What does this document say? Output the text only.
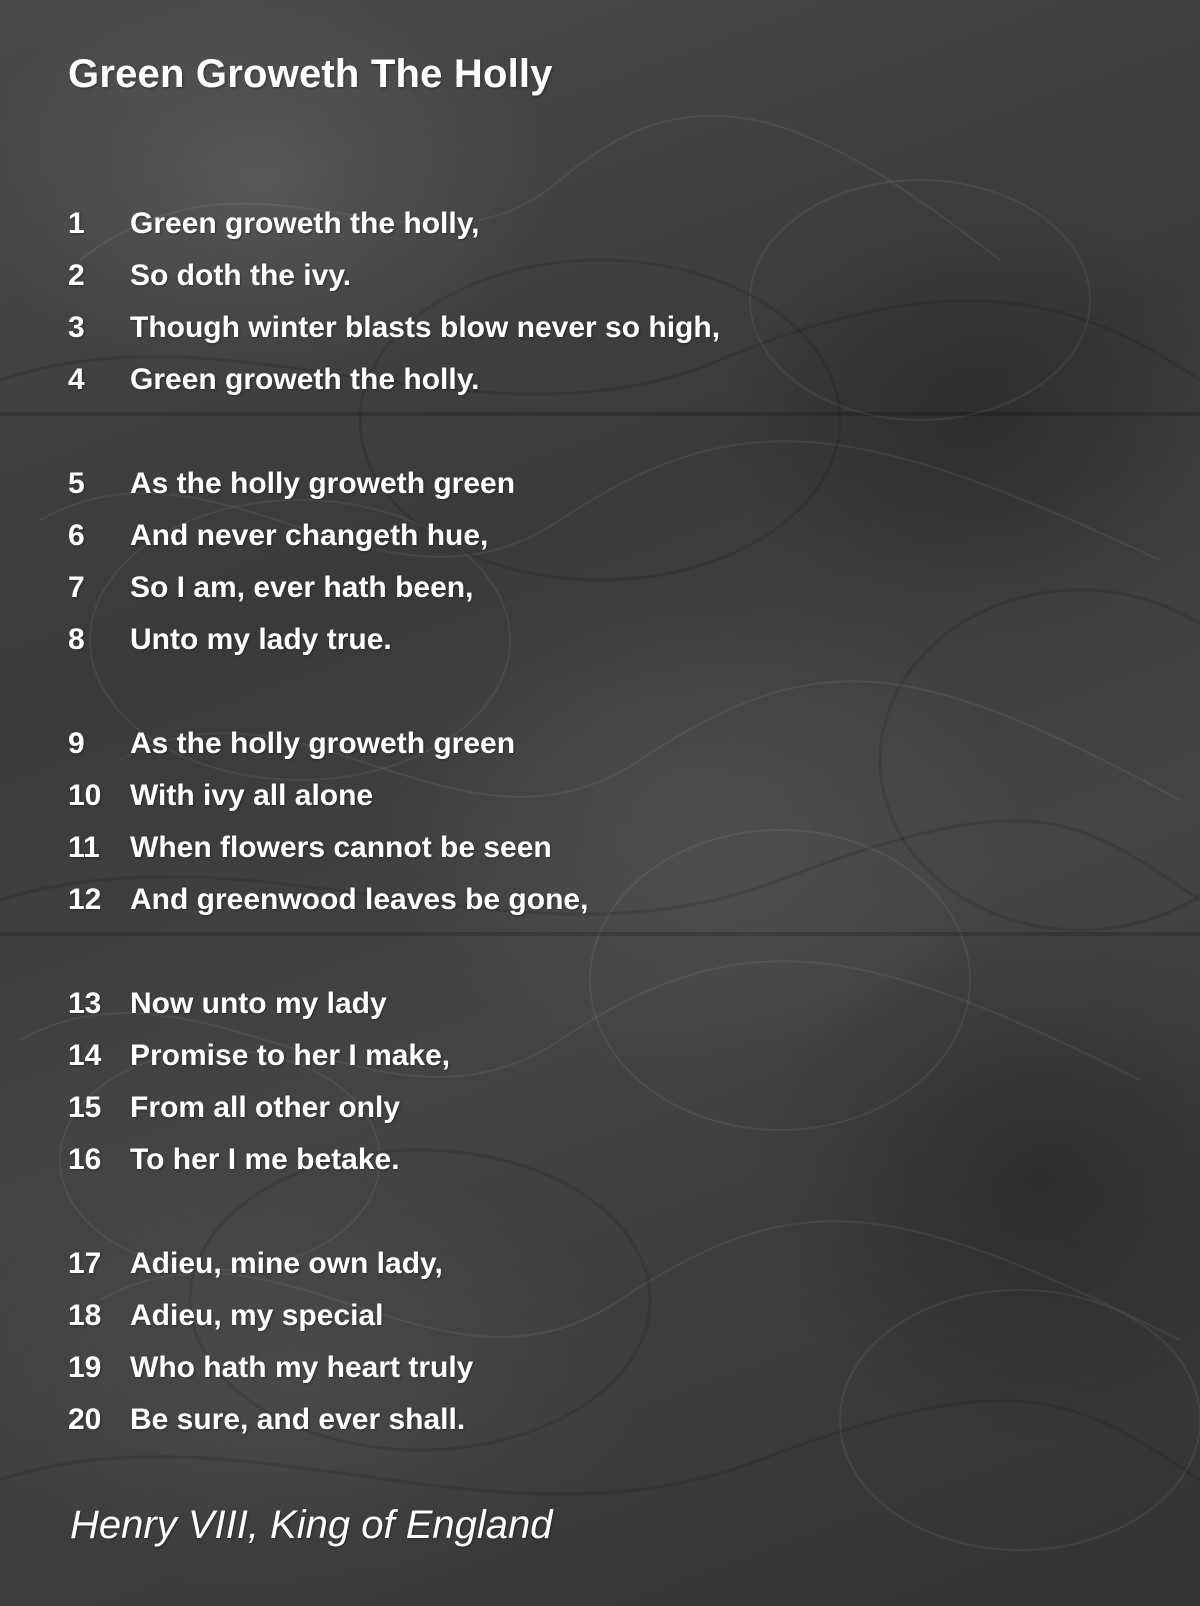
Green Groweth The Holly
1	Green groweth the holly,
2	So doth the ivy.
3	Though winter blasts blow never so high,
4	Green groweth the holly.
5	As the holly groweth green
6	And never changeth hue,
7	So I am, ever hath been,
8	Unto my lady true.
9	As the holly groweth green
10 With ivy all alone
11	When flowers cannot be seen
12 And greenwood leaves be gone,
13 Now unto my lady
14 Promise to her I make,
15 From all other only
16 To her I me betake.
17 Adieu, mine own lady,
18 Adieu, my special
19 Who hath my heart truly
20 Be sure, and ever shall.

Henry VIII, King of England
